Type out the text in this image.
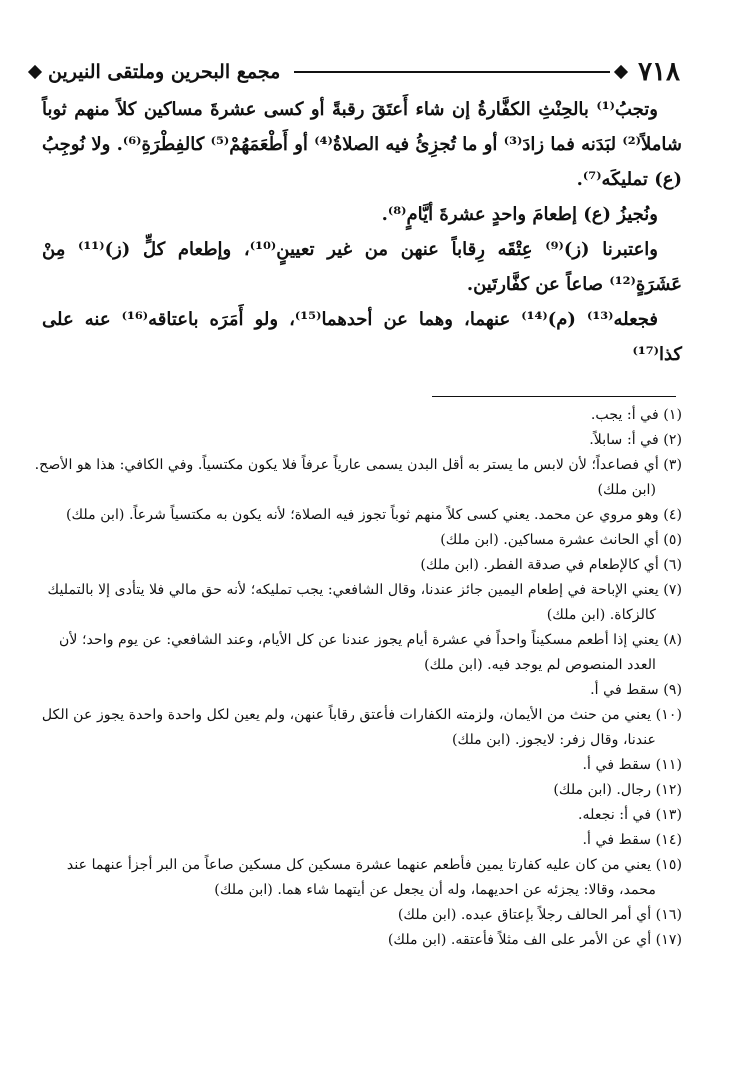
٧١٨
مجمع البحرين وملتقى النيرين

وتجبُ⁽¹⁾ بالحِنْثِ الكفَّارةُ إن شاء أَعتَقَ رقبةً أو كسى عشرةَ مساكين كلاً منهم ثوباً شاملاً⁽²⁾ لبَدَنه فما زادَ⁽³⁾ أو ما تُجزِئُ فيه الصلاةُ⁽⁴⁾ أو أَطْعَمَهُمْ⁽⁵⁾ كالفِطْرَةِ⁽⁶⁾. ولا نُوجِبُ (ع) تمليكَه⁽⁷⁾.

ونُجيزُ (ع) إطعامَ واحدٍ عشرةَ أيَّامٍ⁽⁸⁾.

واعتبرنا (ز)⁽⁹⁾ عِتْقَه رِقاباً عنهن من غير تعيينٍ⁽¹⁰⁾، وإطعام كلٍّ (ز)⁽¹¹⁾ مِنْ عَشَرَةٍ⁽¹²⁾ صاعاً عن كفَّارتَين.

فجعله⁽¹³⁾ (م)⁽¹⁴⁾ عنهما، وهما عن أحدهما⁽¹⁵⁾، ولو أَمَرَه باعتاقه⁽¹⁶⁾ عنه على كذا⁽¹⁷⁾

(١) في أ: يجب.

(٢) في أ: سابلاً.

(٣) أي فصاعداً؛ لأن لابس ما يستر به أقل البدن يسمى عارياً عرفاً فلا يكون مكتسياً. وفي الكافي: هذا هو الأصح. (ابن ملك)

(٤) وهو مروي عن محمد. يعني كسى كلاً منهم ثوباً تجوز فيه الصلاة؛ لأنه يكون به مكتسياً شرعاً. (ابن ملك)

(٥) أي الحانث عشرة مساكين. (ابن ملك)

(٦) أي كالإطعام في صدقة الفطر. (ابن ملك)

(٧) يعني الإباحة في إطعام اليمين جائز عندنا، وقال الشافعي: يجب تمليكه؛ لأنه حق مالي فلا يتأدى إلا بالتمليك كالزكاة. (ابن ملك)

(٨) يعني إذا أطعم مسكيناً واحداً في عشرة أيام يجوز عندنا عن كل الأيام، وعند الشافعي: عن يوم واحد؛ لأن العدد المنصوص لم يوجد فيه. (ابن ملك)

(٩) سقط في أ.

(١٠) يعني من حنث من الأيمان، ولزمته الكفارات فأعتق رقاباً عنهن، ولم يعين لكل واحدة واحدة يجوز عن الكل عندنا، وقال زفر: لايجوز. (ابن ملك)

(١١) سقط في أ.

(١٢) رجال. (ابن ملك)

(١٣) في أ: نجعله.

(١٤) سقط في أ.

(١٥) يعني من كان عليه كفارتا يمين فأطعم عنهما عشرة مسكين كل مسكين صاعاً من البر أجزأ عنهما عند محمد، وقالا: يجزئه عن احديهما، وله أن يجعل عن أيتهما شاء هما. (ابن ملك)

(١٦) أي أمر الحالف رجلاً بإعتاق عبده. (ابن ملك)

(١٧) أي عن الأمر على الف مثلاً فأعتقه. (ابن ملك)
